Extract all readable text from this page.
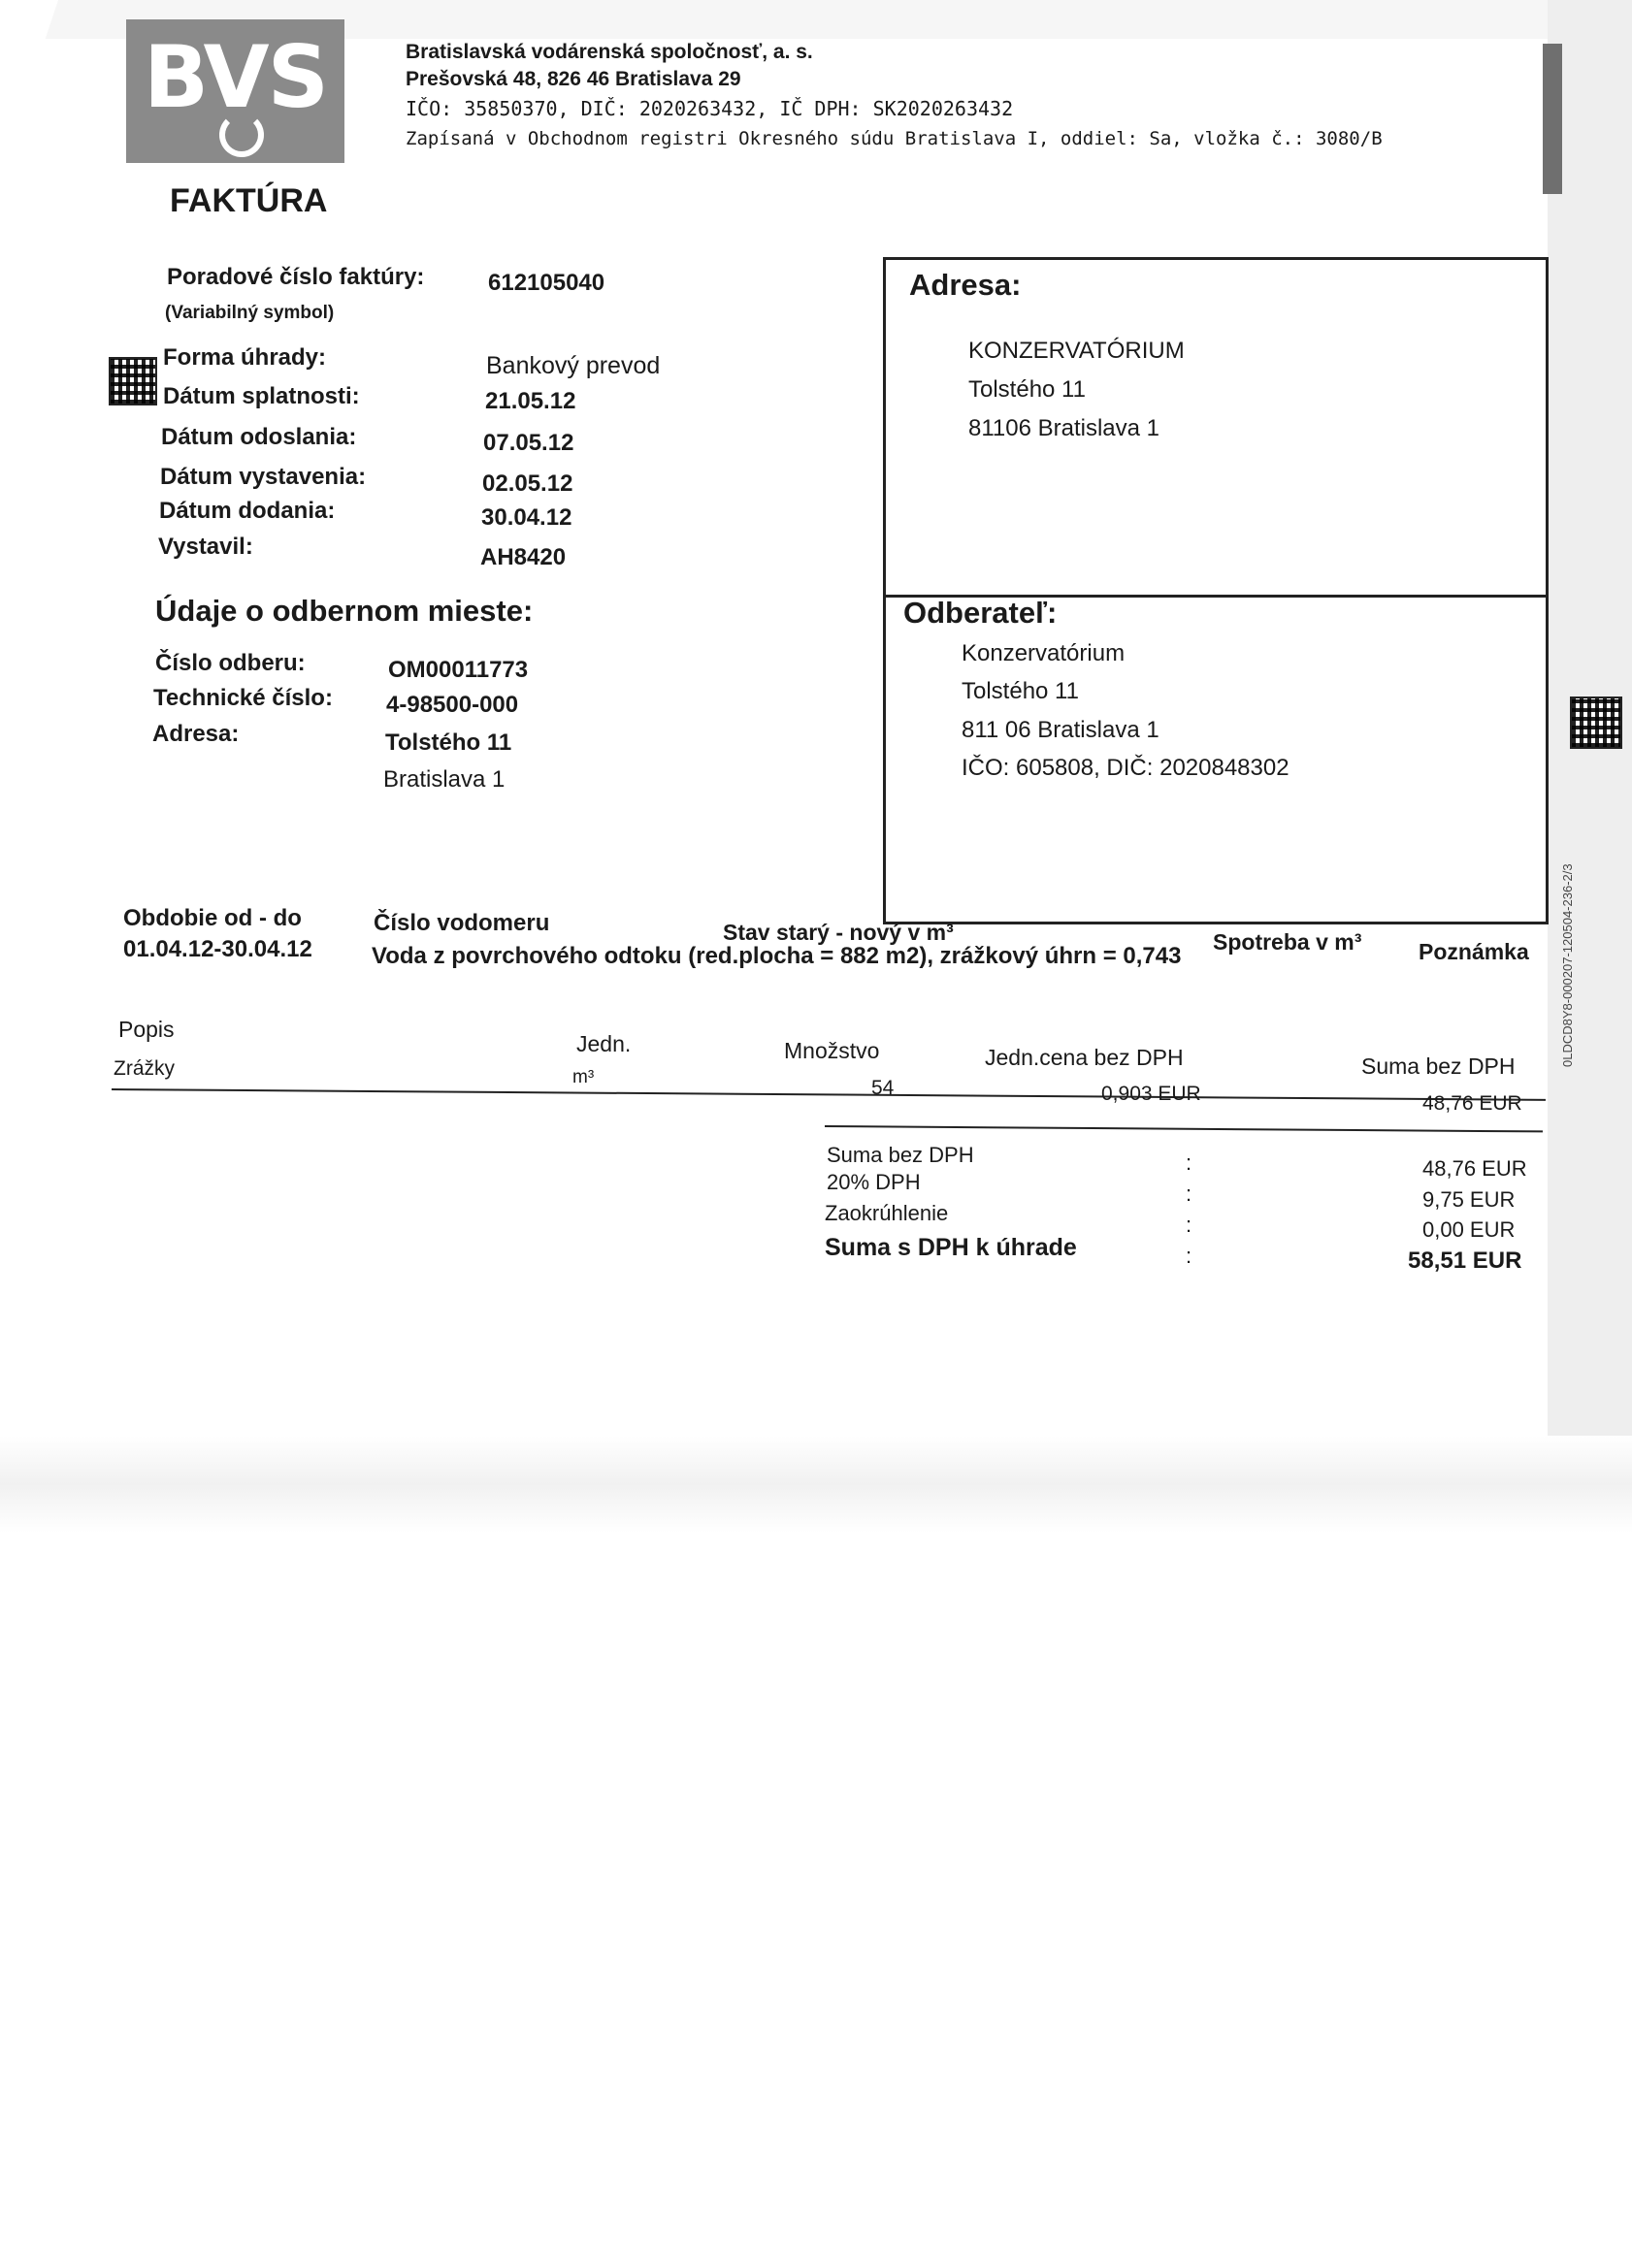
BVS	Bratislavská vodárenská spoločnosť, a. s.
Prešovská 48, 826 46 Bratislava 29
IČO: 35850370, DIČ: 2020263432, IČ DPH: SK2020263432
Zapísaná v Obchodnom registri Okresného súdu Bratislava I, oddiel: Sa, vložka č.: 3080/B
FAKTÚRA
Poradové číslo faktúry:	612105040
(Variabilný symbol)
Forma úhrady:	Bankový prevod
Dátum splatnosti:	21.05.12
Dátum odoslania:	07.05.12
Dátum vystavenia:	02.05.12
Dátum dodania:	30.04.12
Vystavil:	AH8420
Adresa:
KONZERVATÓRIUM
Tolstého 11
81106 Bratislava 1
Odberateľ:
Konzervatórium
Tolstého 11
811 06 Bratislava 1
IČO: 605808, DIČ: 2020848302
Údaje o odbernom mieste:
Číslo odberu:	OM00011773
Technické číslo: 4-98500-000
Adresa:	Tolstého 11
Bratislava 1
Obdobie od - do
01.04.12-30.04.12
Číslo vodomeru	Stav starý - nový v m³	Spotreba v m³	Poznámka
Voda z povrchového odtoku (red.plocha = 882 m2), zrážkový úhrn = 0,743
Popis
Jedn.	Množstvo	Jedn.cena bez DPH	Suma bez DPH
Zrážky	m³	54	0,903 EUR	48,76 EUR
Suma bez DPH	:	48,76 EUR
20% DPH	:	9,75 EUR
Zaokrúhlenie	:	0,00 EUR
Suma s DPH k úhrade	:	58,51 EUR
0LDCD8Y8-000207-120504-236-2/3
